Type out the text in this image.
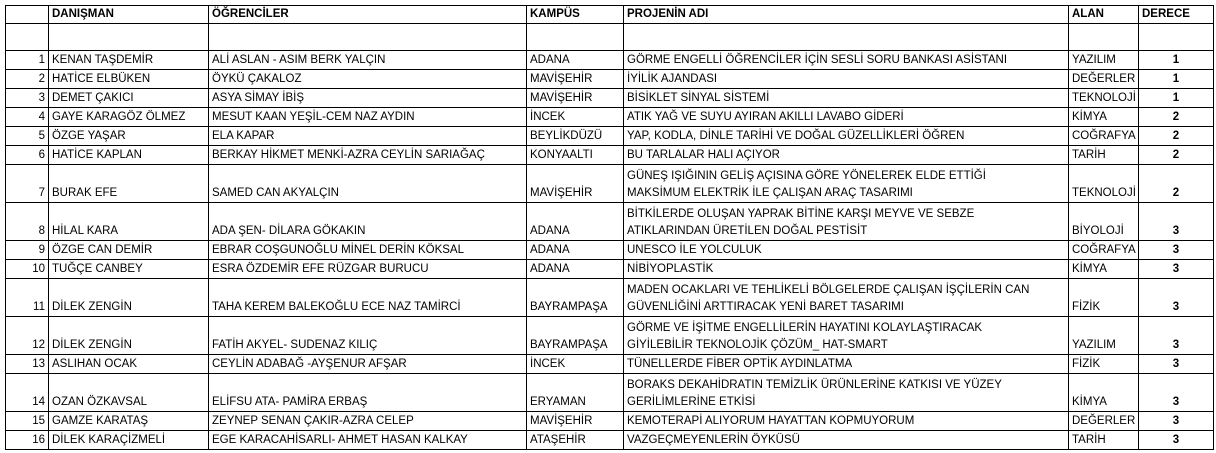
	DANIŞMAN	ÖĞRENCİLER	KAMPÜS	PROJENİN ADI	ALAN	DERECE

1	KENAN TAŞDEMİR	ALİ ASLAN - ASIM BERK YALÇIN	ADANA	GÖRME ENGELLİ ÖĞRENCİLER İÇİN SESLİ SORU BANKASI ASİSTANI	YAZILIM	1
2	HATİCE ELBÜKEN	ÖYKÜ ÇAKALOZ	MAVİŞEHİR	İYİLİK AJANDASI	DEĞERLER	1
3	DEMET ÇAKICI	ASYA SİMAY İBİŞ	MAVİŞEHİR	BİSİKLET SİNYAL SİSTEMİ	TEKNOLOJİ	1
4	GAYE KARAGÖZ ÖLMEZ	MESUT KAAN YEŞİL-CEM NAZ AYDIN	İNCEK	ATIK YAĞ VE SUYU AYIRAN AKILLI LAVABO GİDERİ	KİMYA	2
5	ÖZGE YAŞAR	ELA KAPAR	BEYLİKDÜZÜ	YAP, KODLA, DİNLE TARİHİ VE DOĞAL GÜZELLİKLERİ ÖĞREN	COĞRAFYA	2
6	HATİCE KAPLAN	BERKAY HİKMET MENKİ-AZRA CEYLİN SARIAĞAÇ	KONYAALTI	BU TARLALAR HALI AÇIYOR	TARİH	2
7	BURAK EFE	SAMED CAN AKYALÇIN	MAVİŞEHİR	GÜNEŞ IŞIĞININ GELİŞ AÇISINA GÖRE YÖNELEREK ELDE ETTİĞİ
MAKSİMUM ELEKTRİK İLE ÇALIŞAN ARAÇ TASARIMI	TEKNOLOJİ	2
8	HİLAL KARA	ADA ŞEN- DİLARA GÖKAKIN	ADANA	BİTKİLERDE OLUŞAN YAPRAK BİTİNE KARŞI MEYVE VE SEBZE
ATIKLARINDAN ÜRETİLEN DOĞAL PESTİSİT	BİYOLOJİ	3
9	ÖZGE CAN DEMİR	EBRAR COŞGUNOĞLU MİNEL DERİN KÖKSAL	ADANA	UNESCO İLE YOLCULUK	COĞRAFYA	3
10	TUĞÇE CANBEY	ESRA ÖZDEMİR EFE RÜZGAR BURUCU	ADANA	NİBİYOPLASTİK	KİMYA	3
11	DİLEK ZENGİN	TAHA KEREM BALEKOĞLU ECE NAZ TAMİRCİ	BAYRAMPAŞA	MADEN OCAKLARI VE TEHLİKELİ BÖLGELERDE ÇALIŞAN İŞÇİLERİN CAN
GÜVENLİĞİNİ ARTTIRACAK YENİ BARET TASARIMI	FİZİK	3
12	DİLEK ZENGİN	FATİH AKYEL- SUDENAZ KILIÇ	BAYRAMPAŞA	GÖRME VE İŞİTME ENGELLİLERİN HAYATINI KOLAYLAŞTIRACAK
GİYİLEBİLİR TEKNOLOJİK ÇÖZÜM_ HAT-SMART	YAZILIM	3
13	ASLIHAN OCAK	CEYLİN ADABAĞ -AYŞENUR AFŞAR	İNCEK	TÜNELLERDE FİBER OPTİK AYDINLATMA	FİZİK	3
14	OZAN ÖZKAVSAL	ELİFSU ATA- PAMİRA ERBAŞ	ERYAMAN	BORAKS DEKAHİDRATIN TEMİZLİK ÜRÜNLERİNE KATKISI VE YÜZEY
GERİLİMLERİNE ETKİSİ	KİMYA	3
15	GAMZE KARATAŞ	ZEYNEP SENAN ÇAKIR-AZRA CELEP	MAVİŞEHİR	KEMOTERAPİ ALIYORUM HAYATTAN KOPMUYORUM	DEĞERLER	3
16	DİLEK KARAÇİZMELİ	EGE KARACAHİSARLI- AHMET HASAN KALKAY	ATAŞEHİR	VAZGEÇMEYENLERİN ÖYKÜSÜ	TARİH	3
